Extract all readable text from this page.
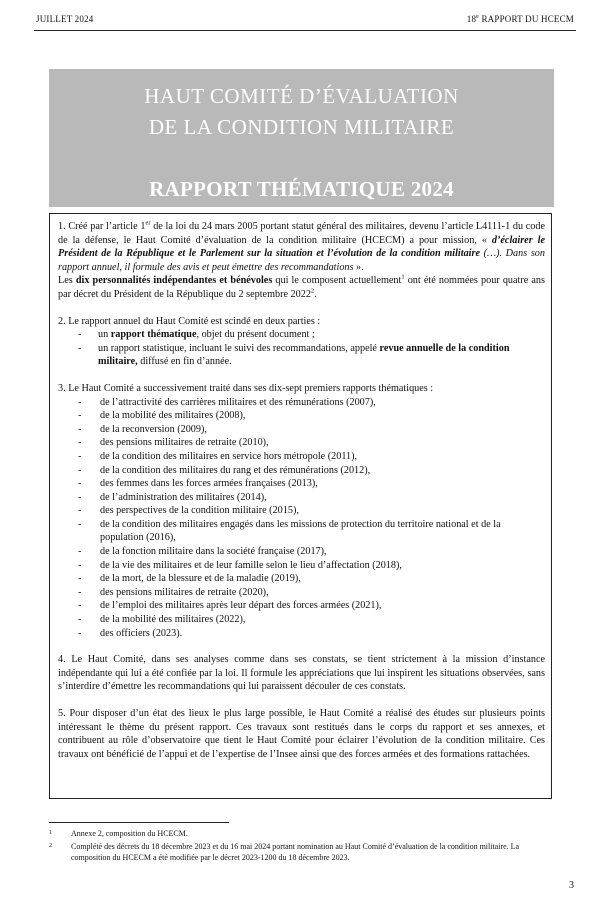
JUILLET 2024	18e RAPPORT DU HCECM
HAUT COMITÉ D’ÉVALUATION
DE LA CONDITION MILITAIRE
RAPPORT THÉMATIQUE 2024

1. Créé par l’article 1er de la loi du 24 mars 2005 portant statut général des militaires, devenu l’article L4111-1 du code de la défense, le Haut Comité d’évaluation de la condition militaire (HCECM) a pour mission, « d’éclairer le Président de la République et le Parlement sur la situation et l’évolution de la condition militaire (…). Dans son rapport annuel, il formule des avis et peut émettre des recommandations ».

Les dix personnalités indépendantes et bénévoles qui le composent actuellement$^1$ ont été nommées pour quatre ans par décret du Président de la République du 2 septembre 2022$^2$.

2. Le rapport annuel du Haut Comité est scindé en deux parties :

- un rapport thématique, objet du présent document ;
- un rapport statistique, incluant le suivi des recommandations, appelé revue annuelle de la condition militaire, diffusé en fin d’année.

3. Le Haut Comité a successivement traité dans ses dix-sept premiers rapports thématiques :

- de l’attractivité des carrières militaires et des rémunérations (2007),
- de la mobilité des militaires (2008),
- de la reconversion (2009),
- des pensions militaires de retraite (2010),
- de la condition des militaires en service hors métropole (2011),
- de la condition des militaires du rang et des rémunérations (2012),
- des femmes dans les forces armées françaises (2013),
- de l’administration des militaires (2014),
- des perspectives de la condition militaire (2015),
- de la condition des militaires engagés dans les missions de protection du territoire national et de la population (2016),
- de la fonction militaire dans la société française (2017),
- de la vie des militaires et de leur famille selon le lieu d’affectation (2018),
- de la mort, de la blessure et de la maladie (2019),
- des pensions militaires de retraite (2020),
- de l’emploi des militaires après leur départ des forces armées (2021),
- de la mobilité des militaires (2022),
- des officiers (2023).

4. Le Haut Comité, dans ses analyses comme dans ses constats, se tient strictement à la mission d’instance indépendante qui lui a été confiée par la loi. Il formule les appréciations que lui inspirent les situations observées, sans s’interdire d’émettre les recommandations qui lui paraissent découler de ces constats.

5. Pour disposer d’un état des lieux le plus large possible, le Haut Comité a réalisé des études sur plusieurs points intéressant le thème du présent rapport. Ces travaux sont restitués dans le corps du rapport et ses annexes, et contribuent au rôle d’observatoire que tient le Haut Comité pour éclairer l’évolution de la condition militaire. Ces travaux ont bénéficié de l’appui et de l’expertise de l’Insee ainsi que des forces armées et des formations rattachées.

1 Annexe 2, composition du HCECM.
2 Complété des décrets du 18 décembre 2023 et du 16 mai 2024 portant nomination au Haut Comité d’évaluation de la condition militaire. La composition du HCECM a été modifiée par le décret 2023-1200 du 18 décembre 2023.
3
